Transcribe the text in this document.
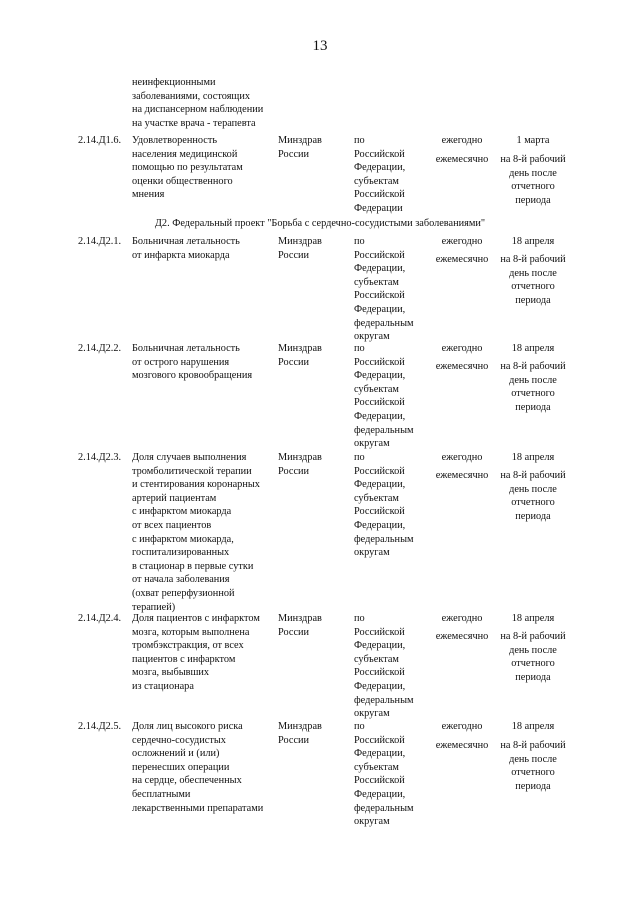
13
неинфекционными
заболеваниями, состоящих
на диспансерном наблюдении
на участке врача - терапевта
2.14.Д1.6. Удовлетворенность
населения медицинской
помощью по результатам
оценки общественного
мнения
Минздрав
России
по
Российской
Федерации,
субъектам
Российской
Федерации
ежегодно
ежемесячно
1 марта
на 8-й рабочий
день после
отчетного
периода
Д2. Федеральный проект "Борьба с сердечно-сосудистыми заболеваниями"
2.14.Д2.1. Больничная летальность
от инфаркта миокарда
Минздрав
России
по
Российской
Федерации,
субъектам
Российской
Федерации,
федеральным
округам
ежегодно
ежемесячно
18 апреля
на 8-й рабочий
день после
отчетного
периода
2.14.Д2.2. Больничная летальность
от острого нарушения
мозгового кровообращения
Минздрав
России
по
Российской
Федерации,
субъектам
Российской
Федерации,
федеральным
округам
ежегодно
ежемесячно
18 апреля
на 8-й рабочий
день после
отчетного
периода
2.14.Д2.3. Доля случаев выполнения
тромболитической терапии
и стентирования коронарных
артерий пациентам
с инфарктом миокарда
от всех пациентов
с инфарктом миокарда,
госпитализированных
в стационар в первые сутки
от начала заболевания
(охват реперфузионной
терапией)
Минздрав
России
по
Российской
Федерации,
субъектам
Российской
Федерации,
федеральным
округам
ежегодно
ежемесячно
18 апреля
на 8-й рабочий
день после
отчетного
периода
2.14.Д2.4. Доля пациентов с инфарктом
мозга, которым выполнена
тромбэкстракция, от всех
пациентов с инфарктом
мозга, выбывших
из стационара
Минздрав
России
по
Российской
Федерации,
субъектам
Российской
Федерации,
федеральным
округам
ежегодно
ежемесячно
18 апреля
на 8-й рабочий
день после
отчетного
периода
2.14.Д2.5. Доля лиц высокого риска
сердечно-сосудистых
осложнений и (или)
перенесших операции
на сердце, обеспеченных
бесплатными
лекарственными препаратами
Минздрав
России
по
Российской
Федерации,
субъектам
Российской
Федерации,
федеральным
округам
ежегодно
ежемесячно
18 апреля
на 8-й рабочий
день после
отчетного
периода
